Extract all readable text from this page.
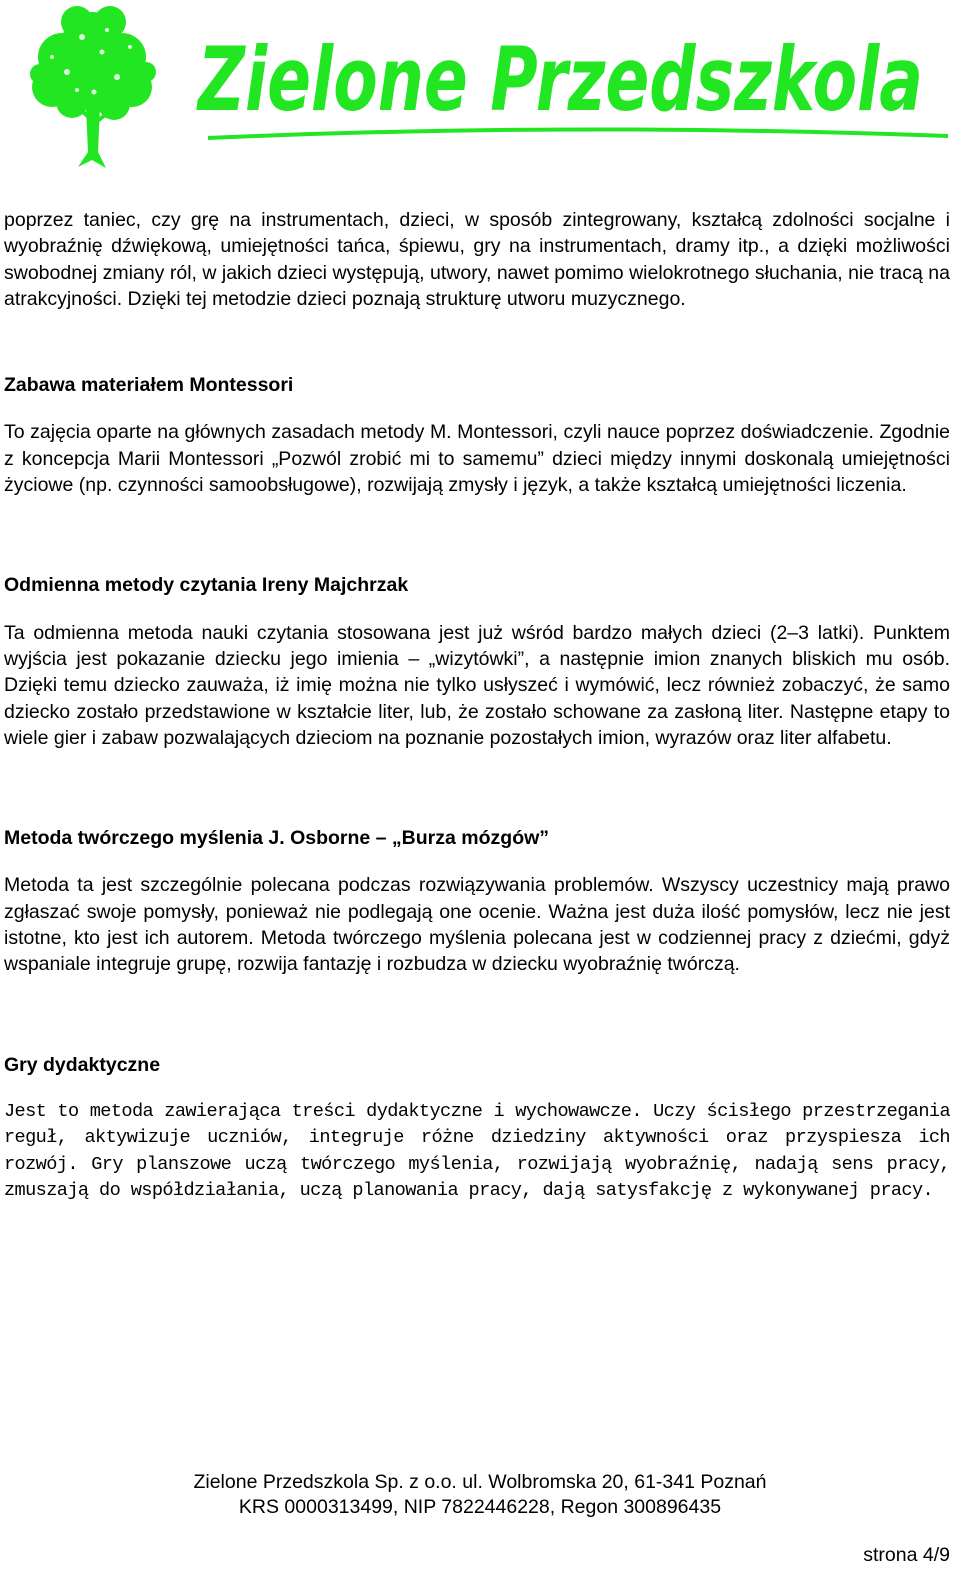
Zielone Przedszkola

poprzez taniec, czy grę na instrumentach, dzieci, w sposób zintegrowany, kształcą zdolności socjalne i wyobraźnię dźwiękową, umiejętności tańca, śpiewu, gry na instrumentach, dramy itp., a dzięki możliwości swobodnej zmiany ról, w jakich dzieci występują, utwory, nawet pomimo wielokrotnego słuchania, nie tracą na atrakcyjności. Dzięki tej metodzie dzieci poznają strukturę utworu muzycznego.

Zabawa materiałem Montessori

To zajęcia oparte na głównych zasadach metody M. Montessori, czyli nauce poprzez doświadczenie. Zgodnie z koncepcja Marii Montessori „Pozwól zrobić mi to samemu” dzieci między innymi doskonalą umiejętności życiowe (np. czynności samoobsługowe), rozwijają zmysły i język, a także kształcą umiejętności liczenia.

Odmienna metody czytania Ireny Majchrzak

Ta odmienna metoda nauki czytania stosowana jest już wśród bardzo małych dzieci (2–3 latki). Punktem wyjścia jest pokazanie dziecku jego imienia – „wizytówki”, a następnie imion znanych bliskich mu osób. Dzięki temu dziecko zauważa, iż imię można nie tylko usłyszeć i wymówić, lecz również zobaczyć, że samo dziecko zostało przedstawione w kształcie liter, lub, że zostało schowane za zasłoną liter. Następne etapy to wiele gier i zabaw pozwalających dzieciom na poznanie pozostałych imion, wyrazów oraz liter alfabetu.

Metoda twórczego myślenia J. Osborne – „Burza mózgów”

Metoda ta jest szczególnie polecana podczas rozwiązywania problemów. Wszyscy uczestnicy mają prawo zgłaszać swoje pomysły, ponieważ nie podlegają one ocenie. Ważna jest duża ilość pomysłów, lecz nie jest istotne, kto jest ich autorem. Metoda twórczego myślenia polecana jest w codziennej pracy z dziećmi, gdyż wspaniale integruje grupę, rozwija fantazję i rozbudza w dziecku wyobraźnię twórczą.

Gry dydaktyczne

Jest to metoda zawierająca treści dydaktyczne i wychowawcze. Uczy ścisłego przestrzegania reguł, aktywizuje uczniów, integruje różne dziedziny aktywności oraz przyspiesza ich rozwój. Gry planszowe uczą twórczego myślenia, rozwijają wyobraźnię, nadają sens pracy, zmuszają do współdziałania, uczą planowania pracy, dają satysfakcję z wykonywanej pracy.

Zielone Przedszkola Sp. z o.o. ul. Wolbromska 20, 61-341 Poznań
KRS 0000313499, NIP 7822446228, Regon 300896435
strona 4/9
